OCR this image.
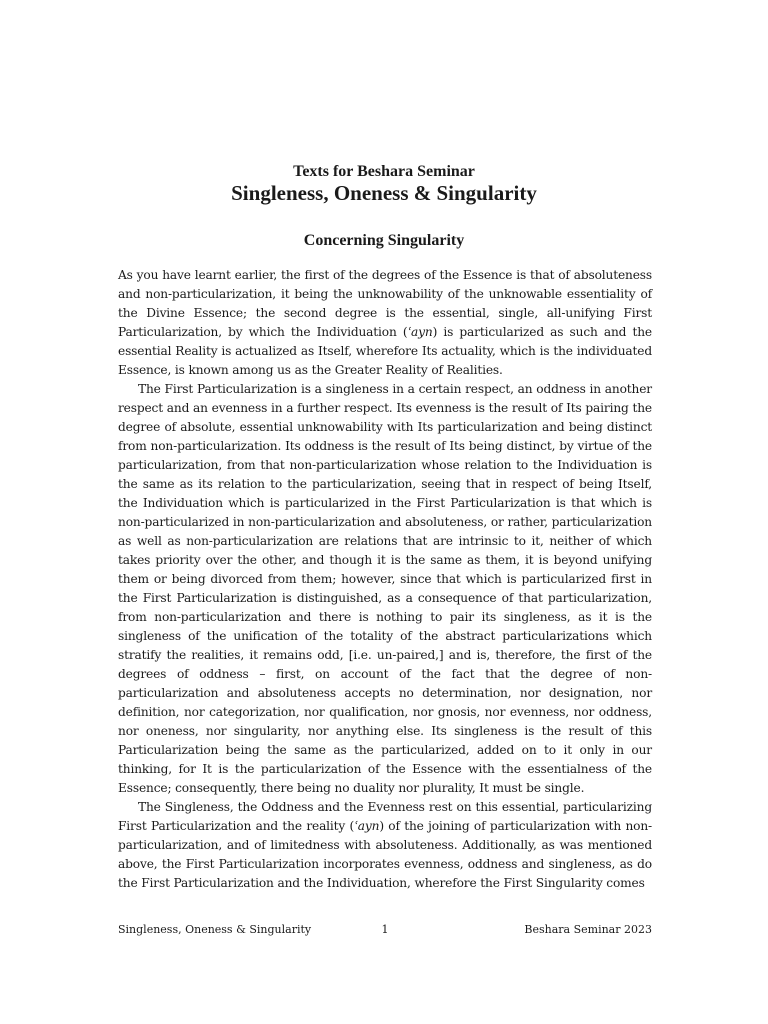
Texts for Beshara Seminar
Singleness, Oneness & Singularity
Concerning Singularity

As you have learnt earlier, the first of the degrees of the Essence is that of absoluteness and non-particularization, it being the unknowability of the unknowable essentiality of the Divine Essence; the second degree is the essential, single, all-unifying First Particularization, by which the Individuation (ʿayn) is particularized as such and the essential Reality is actualized as Itself, wherefore Its actuality, which is the individuated Essence, is known among us as the Greater Reality of Realities.

The First Particularization is a singleness in a certain respect, an oddness in another respect and an evenness in a further respect. Its evenness is the result of Its pairing the degree of absolute, essential unknowability with Its particularization and being distinct from non-particularization. Its oddness is the result of Its being distinct, by virtue of the particularization, from that non-particularization whose relation to the Individuation is the same as its relation to the particularization, seeing that in respect of being Itself, the Individuation which is particularized in the First Particularization is that which is non-particularized in non-particularization and absoluteness, or rather, particularization as well as non-particularization are relations that are intrinsic to it, neither of which takes priority over the other, and though it is the same as them, it is beyond unifying them or being divorced from them; however, since that which is particularized first in the First Particularization is distinguished, as a consequence of that particularization, from non-particularization and there is nothing to pair its singleness, as it is the singleness of the unification of the totality of the abstract particularizations which stratify the realities, it remains odd, [i.e. un-paired,] and is, therefore, the first of the degrees of oddness – first, on account of the fact that the degree of non-particularization and absoluteness accepts no determination, nor designation, nor definition, nor categorization, nor qualification, nor gnosis, nor evenness, nor oddness, nor oneness, nor singularity, nor anything else. Its singleness is the result of this Particularization being the same as the particularized, added on to it only in our thinking, for It is the particularization of the Essence with the essentialness of the Essence; consequently, there being no duality nor plurality, It must be single.

The Singleness, the Oddness and the Evenness rest on this essential, particularizing First Particularization and the reality (ʿayn) of the joining of particularization with non-particularization, and of limitedness with absoluteness. Additionally, as was mentioned above, the First Particularization incorporates evenness, oddness and singleness, as do the First Particularization and the Individuation, wherefore the First Singularity comes

Singleness, Oneness & Singularity	1	Beshara Seminar 2023
